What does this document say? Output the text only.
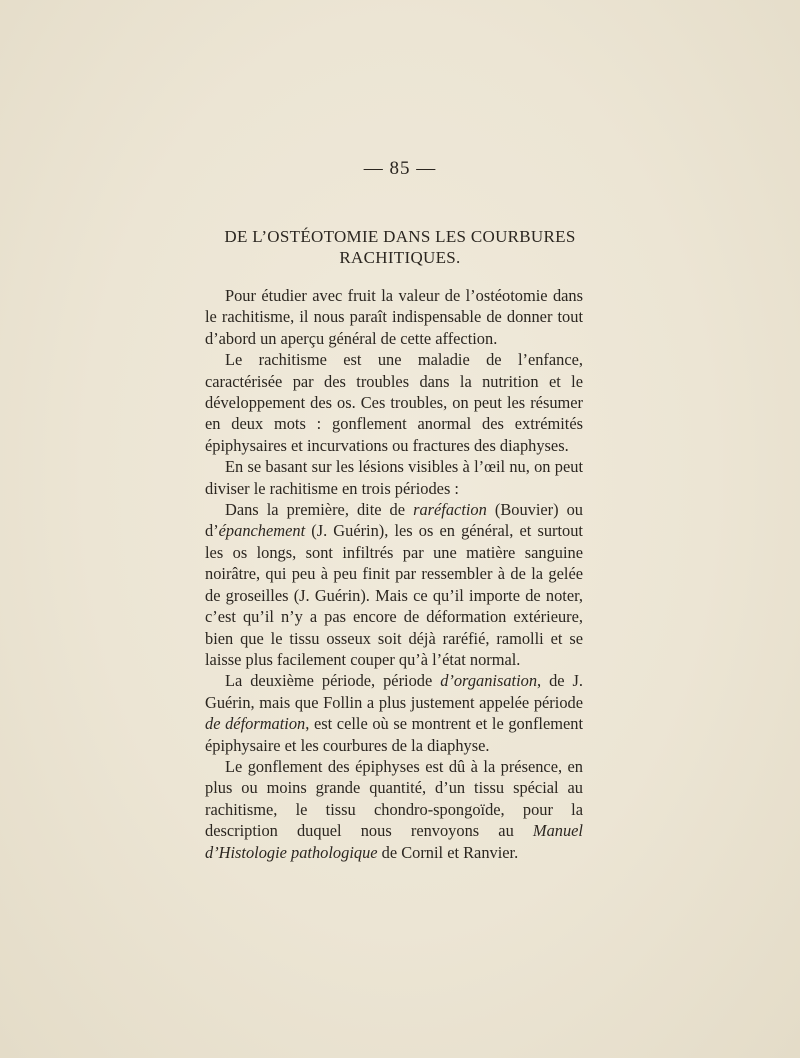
— 85 —
DE L’OSTÉOTOMIE DANS LES COURBURES
RACHITIQUES.

Pour étudier avec fruit la valeur de l’ostéotomie dans le rachitisme, il nous paraît indispensable de donner tout d’abord un aperçu général de cette affection.

Le rachitisme est une maladie de l’enfance, caractérisée par des troubles dans la nutrition et le développement des os. Ces troubles, on peut les résumer en deux mots : gonflement anormal des extrémités épiphysaires et incurvations ou fractures des diaphyses.

En se basant sur les lésions visibles à l’œil nu, on peut diviser le rachitisme en trois périodes :

Dans la première, dite de raréfaction (Bouvier) ou d’épanchement (J. Guérin), les os en général, et surtout les os longs, sont infiltrés par une matière sanguine noirâtre, qui peu à peu finit par ressembler à de la gelée de groseilles (J. Guérin). Mais ce qu’il importe de noter, c’est qu’il n’y a pas encore de déformation extérieure, bien que le tissu osseux soit déjà raréfié, ramolli et se laisse plus facilement couper qu’à l’état normal.

La deuxième période, période d’organisation, de J. Guérin, mais que Follin a plus justement appelée période de déformation, est celle où se montrent et le gonflement épiphysaire et les courbures de la diaphyse.

Le gonflement des épiphyses est dû à la présence, en plus ou moins grande quantité, d’un tissu spécial au rachitisme, le tissu chondro-spongoïde, pour la description duquel nous renvoyons au Manuel d’Histologie pathologique de Cornil et Ranvier.
